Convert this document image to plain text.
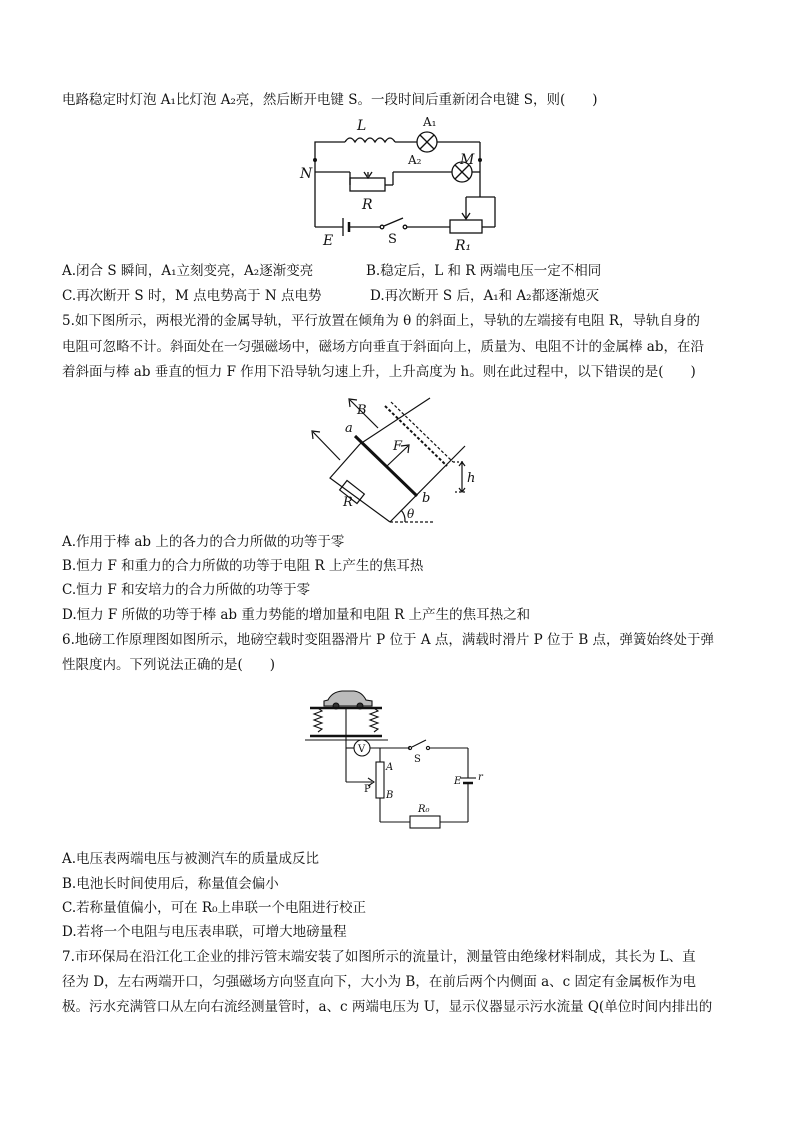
电路稳定时灯泡 A₁比灯泡 A₂亮，然后断开电键 S。一段时间后重新闭合电键 S，则(　　)
L	A₁
N
M
A₂
R
E	S	R₁
A.闭合 S 瞬间，A₁立刻变亮，A₂逐渐变亮	B.稳定后，L 和 R 两端电压一定不相同
C.再次断开 S 时，M 点电势高于 N 点电势	D.再次断开 S 后，A₁和 A₂都逐渐熄灭
5.如下图所示，两根光滑的金属导轨，平行放置在倾角为 θ 的斜面上，导轨的左端接有电阻 R，导轨自身的
电阻可忽略不计。斜面处在一匀强磁场中，磁场方向垂直于斜面向上，质量为、电阻不计的金属棒 ab，在沿
着斜面与棒 ab 垂直的恒力 F 作用下沿导轨匀速上升，上升高度为 h。则在此过程中，以下错误的是(　　)
B
a
F
h
R	b
θ
A.作用于棒 ab 上的各力的合力所做的功等于零
B.恒力 F 和重力的合力所做的功等于电阻 R 上产生的焦耳热
C.恒力 F 和安培力的合力所做的功等于零
D.恒力 F 所做的功等于棒 ab 重力势能的增加量和电阻 R 上产生的焦耳热之和
6.地磅工作原理图如图所示，地磅空载时变阻器滑片 P 位于 A 点，满载时滑片 P 位于 B 点，弹簧始终处于弹
性限度内。下列说法正确的是(　　)
V
S
A
P
B
E r
R₀
A.电压表两端电压与被测汽车的质量成反比
B.电池长时间使用后，称量值会偏小
C.若称量值偏小，可在 R₀上串联一个电阻进行校正
D.若将一个电阻与电压表串联，可增大地磅量程
7.市环保局在沿江化工企业的排污管末端安装了如图所示的流量计，测量管由绝缘材料制成，其长为 L、直
径为 D，左右两端开口，匀强磁场方向竖直向下，大小为 B，在前后两个内侧面 a、c 固定有金属板作为电
极。污水充满管口从左向右流经测量管时，a、c 两端电压为 U，显示仪器显示污水流量 Q(单位时间内排出的
